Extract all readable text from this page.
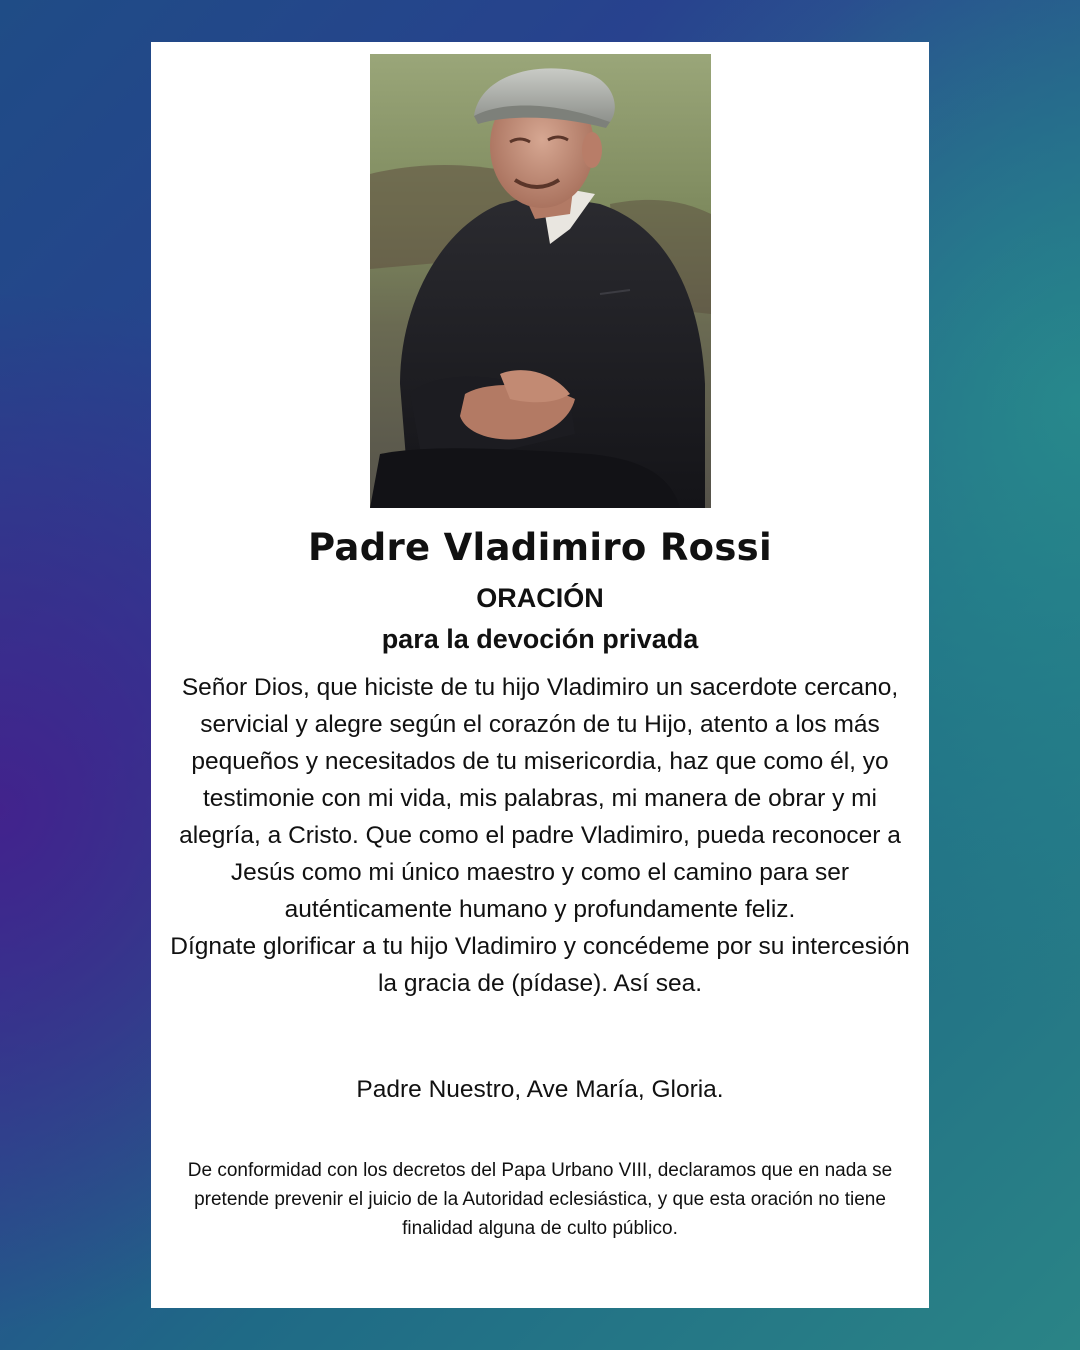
Padre Vladimiro Rossi
ORACIÓN
para la devoción privada

Señor Dios, que hiciste de tu hijo Vladimiro un sacerdote cercano, servicial y alegre según el corazón de tu Hijo, atento a los más pequeños y necesitados de tu misericordia, haz que como él, yo testimonie con mi vida, mis palabras, mi manera de obrar y mi alegría, a Cristo. Que como el padre Vladimiro, pueda reconocer a Jesús como mi único maestro y como el camino para ser auténticamente humano y profundamente feliz.

Dígnate glorificar a tu hijo Vladimiro y concédeme por su intercesión la gracia de (pídase). Así sea.

Padre Nuestro, Ave María, Gloria.
De conformidad con los decretos del Papa Urbano VIII, declaramos que en nada se pretende prevenir el juicio de la Autoridad eclesiástica, y que esta oración no tiene finalidad alguna de culto público.
